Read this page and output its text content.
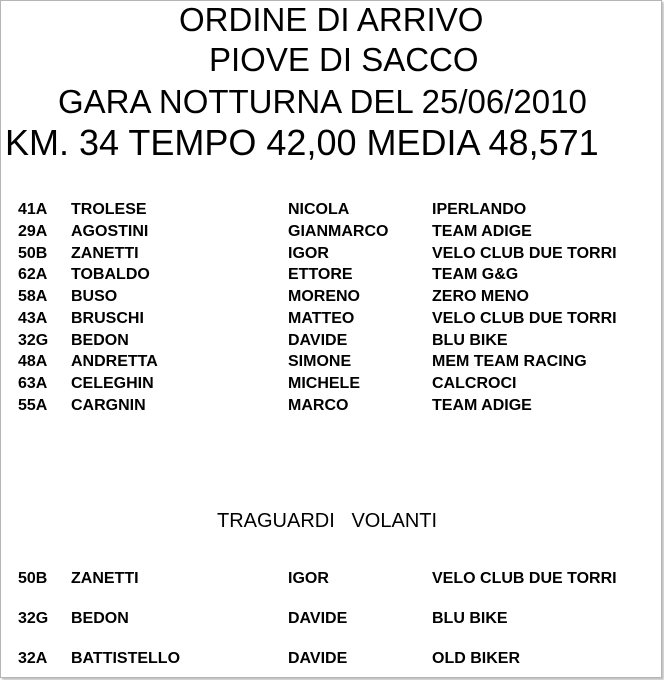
ORDINE DI ARRIVO
PIOVE DI SACCO
GARA NOTTURNA DEL 25/06/2010
KM. 34 TEMPO 42,00 MEDIA 48,571
41A TROLESE	NICOLA	IPERLANDO
29A AGOSTINI	GIANMARCO	TEAM ADIGE
50B ZANETTI	IGOR	VELO CLUB DUE TORRI
62A TOBALDO	ETTORE	TEAM G&G
58A BUSO	MORENO	ZERO MENO
43A BRUSCHI	MATTEO	VELO CLUB DUE TORRI
32G BEDON	DAVIDE	BLU BIKE
48A ANDRETTA	SIMONE	MEM TEAM RACING
63A CELEGHIN	MICHELE	CALCROCI
55A CARGNIN	MARCO	TEAM ADIGE
TRAGUARDI   VOLANTI
50B ZANETTI	IGOR	VELO CLUB DUE TORRI
32G BEDON	DAVIDE	BLU BIKE
32A BATTISTELLO	DAVIDE	OLD BIKER
